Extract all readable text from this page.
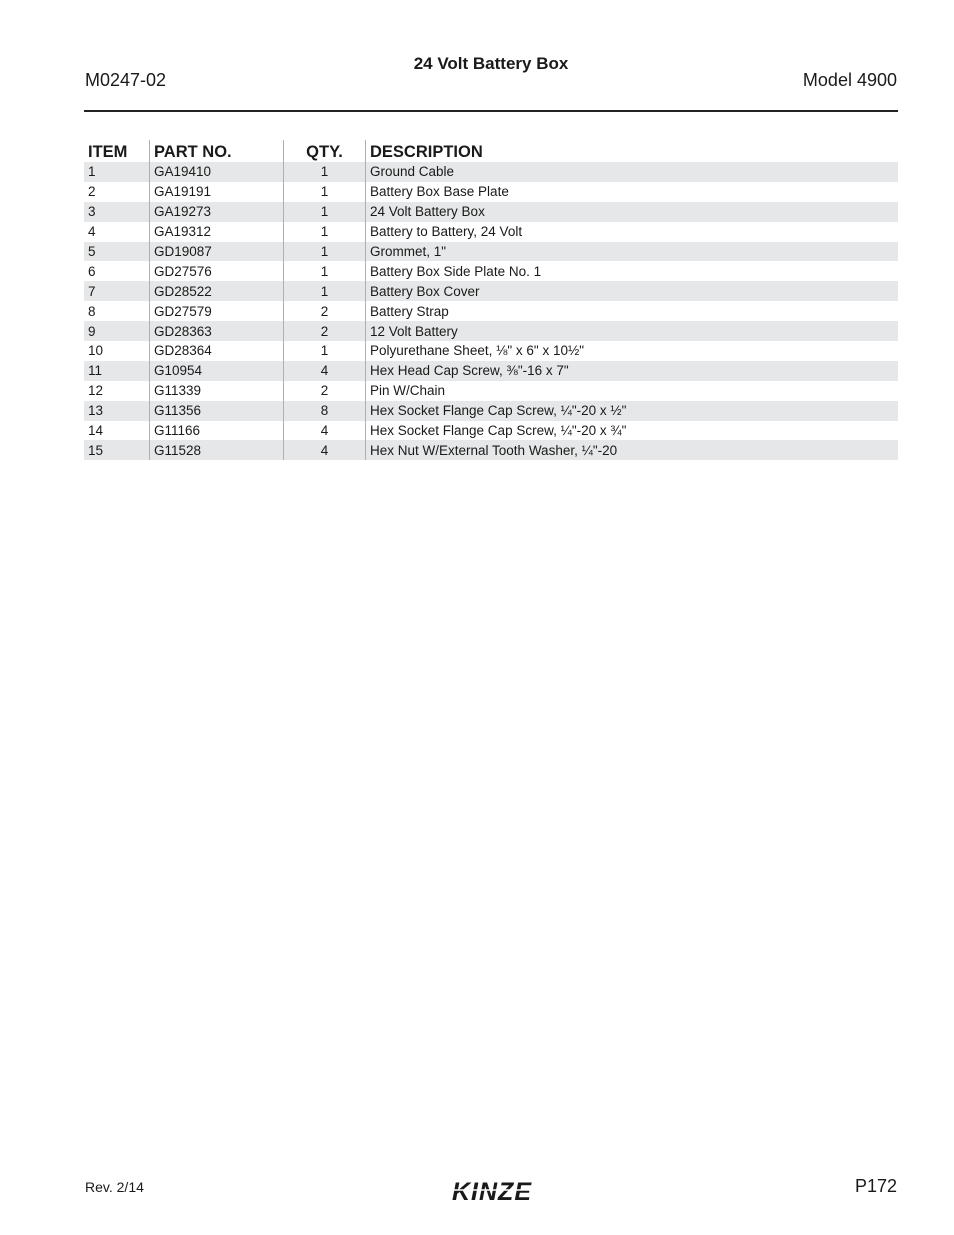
M0247-02
24 Volt Battery Box
Model 4900
ITEM	PART NO.	QTY.	DESCRIPTION
1	GA19410	1	Ground Cable
2	GA19191	1	Battery Box Base Plate
3	GA19273	1	24 Volt Battery Box
4	GA19312	1	Battery to Battery, 24 Volt
5	GD19087	1	Grommet, 1"
6	GD27576	1	Battery Box Side Plate No. 1
7	GD28522	1	Battery Box Cover
8	GD27579	2	Battery Strap
9	GD28363	2	12 Volt Battery
10	GD28364	1	Polyurethane Sheet, ⅛" x 6" x 10½"
11	G10954	4	Hex Head Cap Screw, ⅜"-16 x 7"
12	G11339	2	Pin W/Chain
13	G11356	8	Hex Socket Flange Cap Screw, ¼"-20 x ½"
14	G11166	4	Hex Socket Flange Cap Screw, ¼"-20 x ¾"
15	G11528	4	Hex Nut W/External Tooth Washer, ¼"-20
Rev. 2/14	KINZE	P172
